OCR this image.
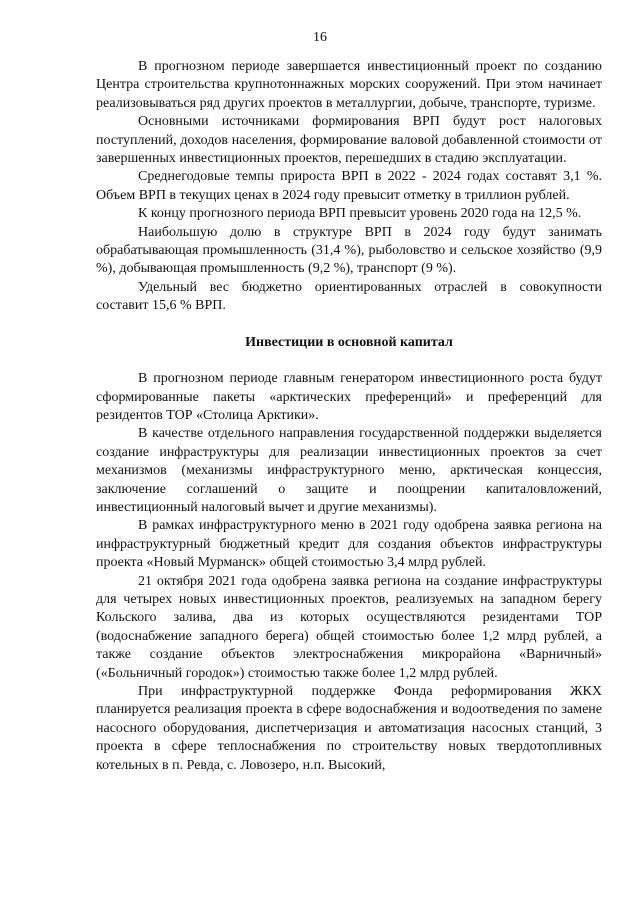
16

В прогнозном периоде завершается инвестиционный проект по созданию Центра строительства крупнотоннажных морских сооружений. При этом начинает реализовываться ряд других проектов в металлургии, добыче, транспорте, туризме.

Основными источниками формирования ВРП будут рост налоговых поступлений, доходов населения, формирование валовой добавленной стоимости от завершенных инвестиционных проектов, перешедших в стадию эксплуатации.

Среднегодовые темпы прироста ВРП в 2022 - 2024 годах составят 3,1 %. Объем ВРП в текущих ценах в 2024 году превысит отметку в триллион рублей.

К концу прогнозного периода ВРП превысит уровень 2020 года на 12,5 %.

Наибольшую долю в структуре ВРП в 2024 году будут занимать обрабатывающая промышленность (31,4 %), рыболовство и сельское хозяйство (9,9 %), добывающая промышленность (9,2 %), транспорт (9 %).

Удельный вес бюджетно ориентированных отраслей в совокупности составит 15,6 % ВРП.

Инвестиции в основной капитал

В прогнозном периоде главным генератором инвестиционного роста будут сформированные пакеты «арктических преференций» и преференций для резидентов ТОР «Столица Арктики».

В качестве отдельного направления государственной поддержки выделяется создание инфраструктуры для реализации инвестиционных проектов за счет механизмов (механизмы инфраструктурного меню, арктическая концессия, заключение соглашений о защите и поощрении капиталовложений, инвестиционный налоговый вычет и другие механизмы).

В рамках инфраструктурного меню в 2021 году одобрена заявка региона на инфраструктурный бюджетный кредит для создания объектов инфраструктуры проекта «Новый Мурманск» общей стоимостью 3,4 млрд рублей.

21 октября 2021 года одобрена заявка региона на создание инфраструктуры для четырех новых инвестиционных проектов, реализуемых на западном берегу Кольского залива, два из которых осуществляются резидентами ТОР (водоснабжение западного берега) общей стоимостью более 1,2 млрд рублей, а также создание объектов электроснабжения микрорайона «Варничный» («Больничный городок») стоимостью также более 1,2 млрд рублей.

При инфраструктурной поддержке Фонда реформирования ЖКХ планируется реализация проекта в сфере водоснабжения и водоотведения по замене насосного оборудования, диспетчеризация и автоматизация насосных станций, 3 проекта в сфере теплоснабжения по строительству новых твердотопливных котельных в п. Ревда, с. Ловозеро, н.п. Высокий,
